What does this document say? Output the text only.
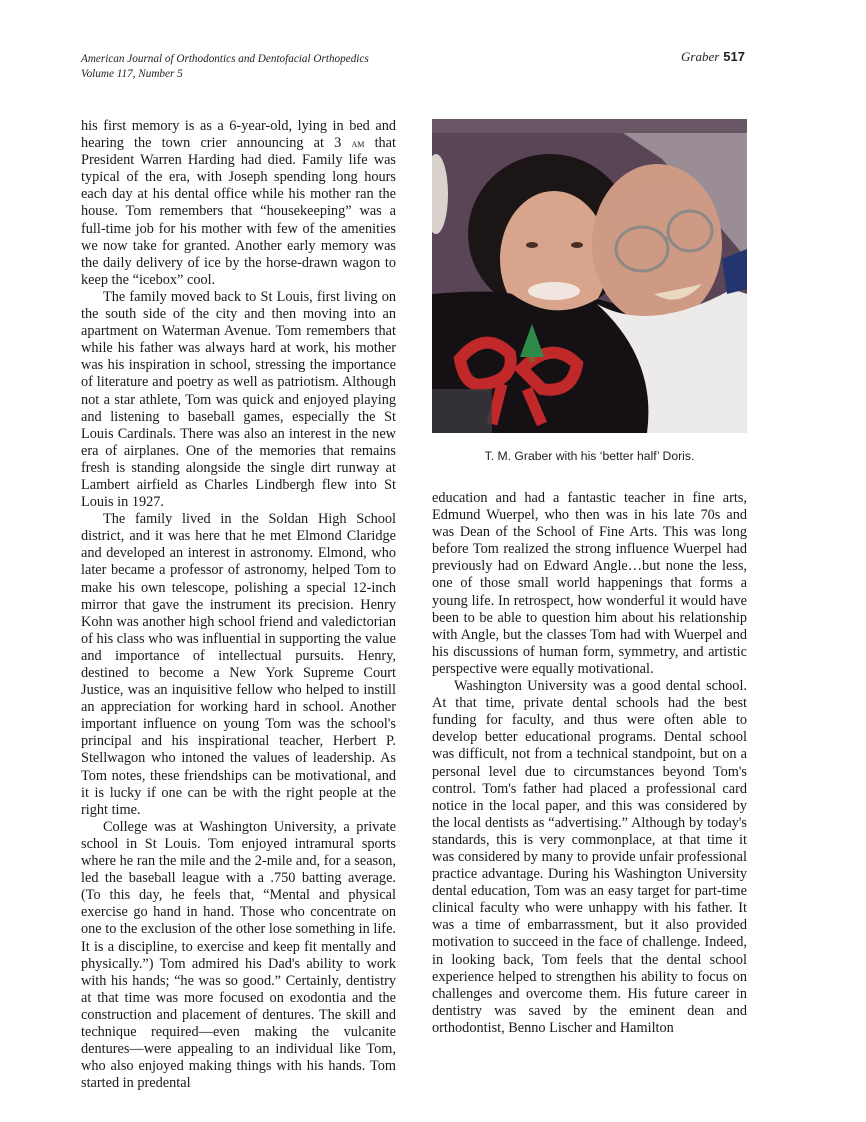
American Journal of Orthodontics and Dentofacial Orthopedics
Volume 117, Number 5
Graber 517

his first memory is as a 6-year-old, lying in bed and hearing the town crier announcing at 3 am that President Warren Harding had died. Family life was typical of the era, with Joseph spending long hours each day at his dental office while his mother ran the house. Tom remembers that “housekeeping” was a full-time job for his mother with few of the amenities we now take for granted. Another early memory was the daily delivery of ice by the horse-drawn wagon to keep the “icebox” cool.

The family moved back to St Louis, first living on the south side of the city and then moving into an apartment on Waterman Avenue. Tom remembers that while his father was always hard at work, his mother was his inspiration in school, stressing the importance of literature and poetry as well as patriotism. Although not a star athlete, Tom was quick and enjoyed playing and listening to baseball games, especially the St Louis Cardinals. There was also an interest in the new era of airplanes. One of the memories that remains fresh is standing alongside the single dirt runway at Lambert airfield as Charles Lindbergh flew into St Louis in 1927.

The family lived in the Soldan High School district, and it was here that he met Elmond Claridge and developed an interest in astronomy. Elmond, who later became a professor of astronomy, helped Tom to make his own telescope, polishing a special 12-inch mirror that gave the instrument its precision. Henry Kohn was another high school friend and valedictorian of his class who was influential in supporting the value and importance of intellectual pursuits. Henry, destined to become a New York Supreme Court Justice, was an inquisitive fellow who helped to instill an appreciation for working hard in school. Another important influence on young Tom was the school's principal and his inspirational teacher, Herbert P. Stellwagon who intoned the values of leadership. As Tom notes, these friendships can be motivational, and it is lucky if one can be with the right people at the right time.

College was at Washington University, a private school in St Louis. Tom enjoyed intramural sports where he ran the mile and the 2-mile and, for a season, led the baseball league with a .750 batting average. (To this day, he feels that, “Mental and physical exercise go hand in hand. Those who concentrate on one to the exclusion of the other lose something in life. It is a discipline, to exercise and keep fit mentally and physically.”) Tom admired his Dad's ability to work with his hands; “he was so good.” Certainly, dentistry at that time was more focused on exodontia and the construction and placement of dentures. The skill and technique required—even making the vulcanite dentures—were appealing to an individual like Tom, who also enjoyed making things with his hands. Tom started in predental

T. M. Graber with his ‘better half’ Doris.

education and had a fantastic teacher in fine arts, Edmund Wuerpel, who then was in his late 70s and was Dean of the School of Fine Arts. This was long before Tom realized the strong influence Wuerpel had previously had on Edward Angle…but none the less, one of those small world happenings that forms a young life. In retrospect, how wonderful it would have been to be able to question him about his relationship with Angle, but the classes Tom had with Wuerpel and his discussions of human form, symmetry, and artistic perspective were equally motivational.

Washington University was a good dental school. At that time, private dental schools had the best funding for faculty, and thus were often able to develop better educational programs. Dental school was difficult, not from a technical standpoint, but on a personal level due to circumstances beyond Tom's control. Tom's father had placed a professional card notice in the local paper, and this was considered by the local dentists as “advertising.” Although by today's standards, this is very commonplace, at that time it was considered by many to provide unfair professional practice advantage. During his Washington University dental education, Tom was an easy target for part-time clinical faculty who were unhappy with his father. It was a time of embarrassment, but it also provided motivation to succeed in the face of challenge. Indeed, in looking back, Tom feels that the dental school experience helped to strengthen his ability to focus on challenges and overcome them. His future career in dentistry was saved by the eminent dean and orthodontist, Benno Lischer and Hamilton
